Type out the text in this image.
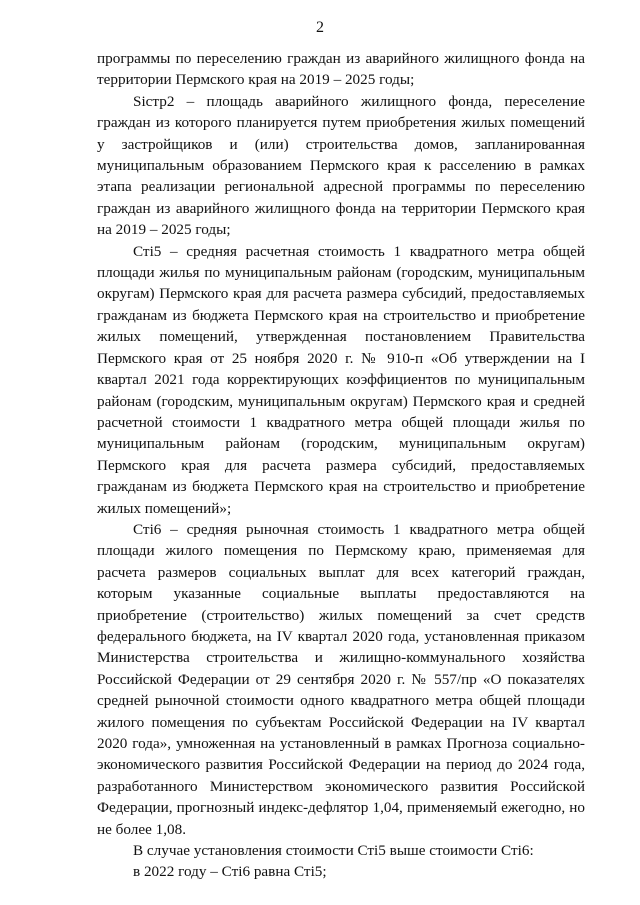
2

программы по переселению граждан из аварийного жилищного фонда на территории Пермского края на 2019 – 2025 годы;

Sістр2 – площадь аварийного жилищного фонда, переселение граждан из которого планируется путем приобретения жилых помещений у застройщиков и (или) строительства домов, запланированная муниципальным образованием Пермского края к расселению в рамках этапа реализации региональной адресной программы по переселению граждан из аварийного жилищного фонда на территории Пермского края на 2019 – 2025 годы;

Сті5 – средняя расчетная стоимость 1 квадратного метра общей площади жилья по муниципальным районам (городским, муниципальным округам) Пермского края для расчета размера субсидий, предоставляемых гражданам из бюджета Пермского края на строительство и приобретение жилых помещений, утвержденная постановлением Правительства Пермского края от 25 ноября 2020 г. № 910-п «Об утверждении на I квартал 2021 года корректирующих коэффициентов по муниципальным районам (городским, муниципальным округам) Пермского края и средней расчетной стоимости 1 квадратного метра общей площади жилья по муниципальным районам (городским, муниципальным округам) Пермского края для расчета размера субсидий, предоставляемых гражданам из бюджета Пермского края на строительство и приобретение жилых помещений»;

Сті6 – средняя рыночная стоимость 1 квадратного метра общей площади жилого помещения по Пермскому краю, применяемая для расчета размеров социальных выплат для всех категорий граждан, которым указанные социальные выплаты предоставляются на приобретение (строительство) жилых помещений за счет средств федерального бюджета, на IV квартал 2020 года, установленная приказом Министерства строительства и жилищно-коммунального хозяйства Российской Федерации от 29 сентября 2020 г. № 557/пр «О показателях средней рыночной стоимости одного квадратного метра общей площади жилого помещения по субъектам Российской Федерации на IV квартал 2020 года», умноженная на установленный в рамках Прогноза социально-экономического развития Российской Федерации на период до 2024 года, разработанного Министерством экономического развития Российской Федерации, прогнозный индекс-дефлятор 1,04, применяемый ежегодно, но не более 1,08.

В случае установления стоимости Сті5 выше стоимости Сті6:

в 2022 году – Сті6 равна Сті5;
